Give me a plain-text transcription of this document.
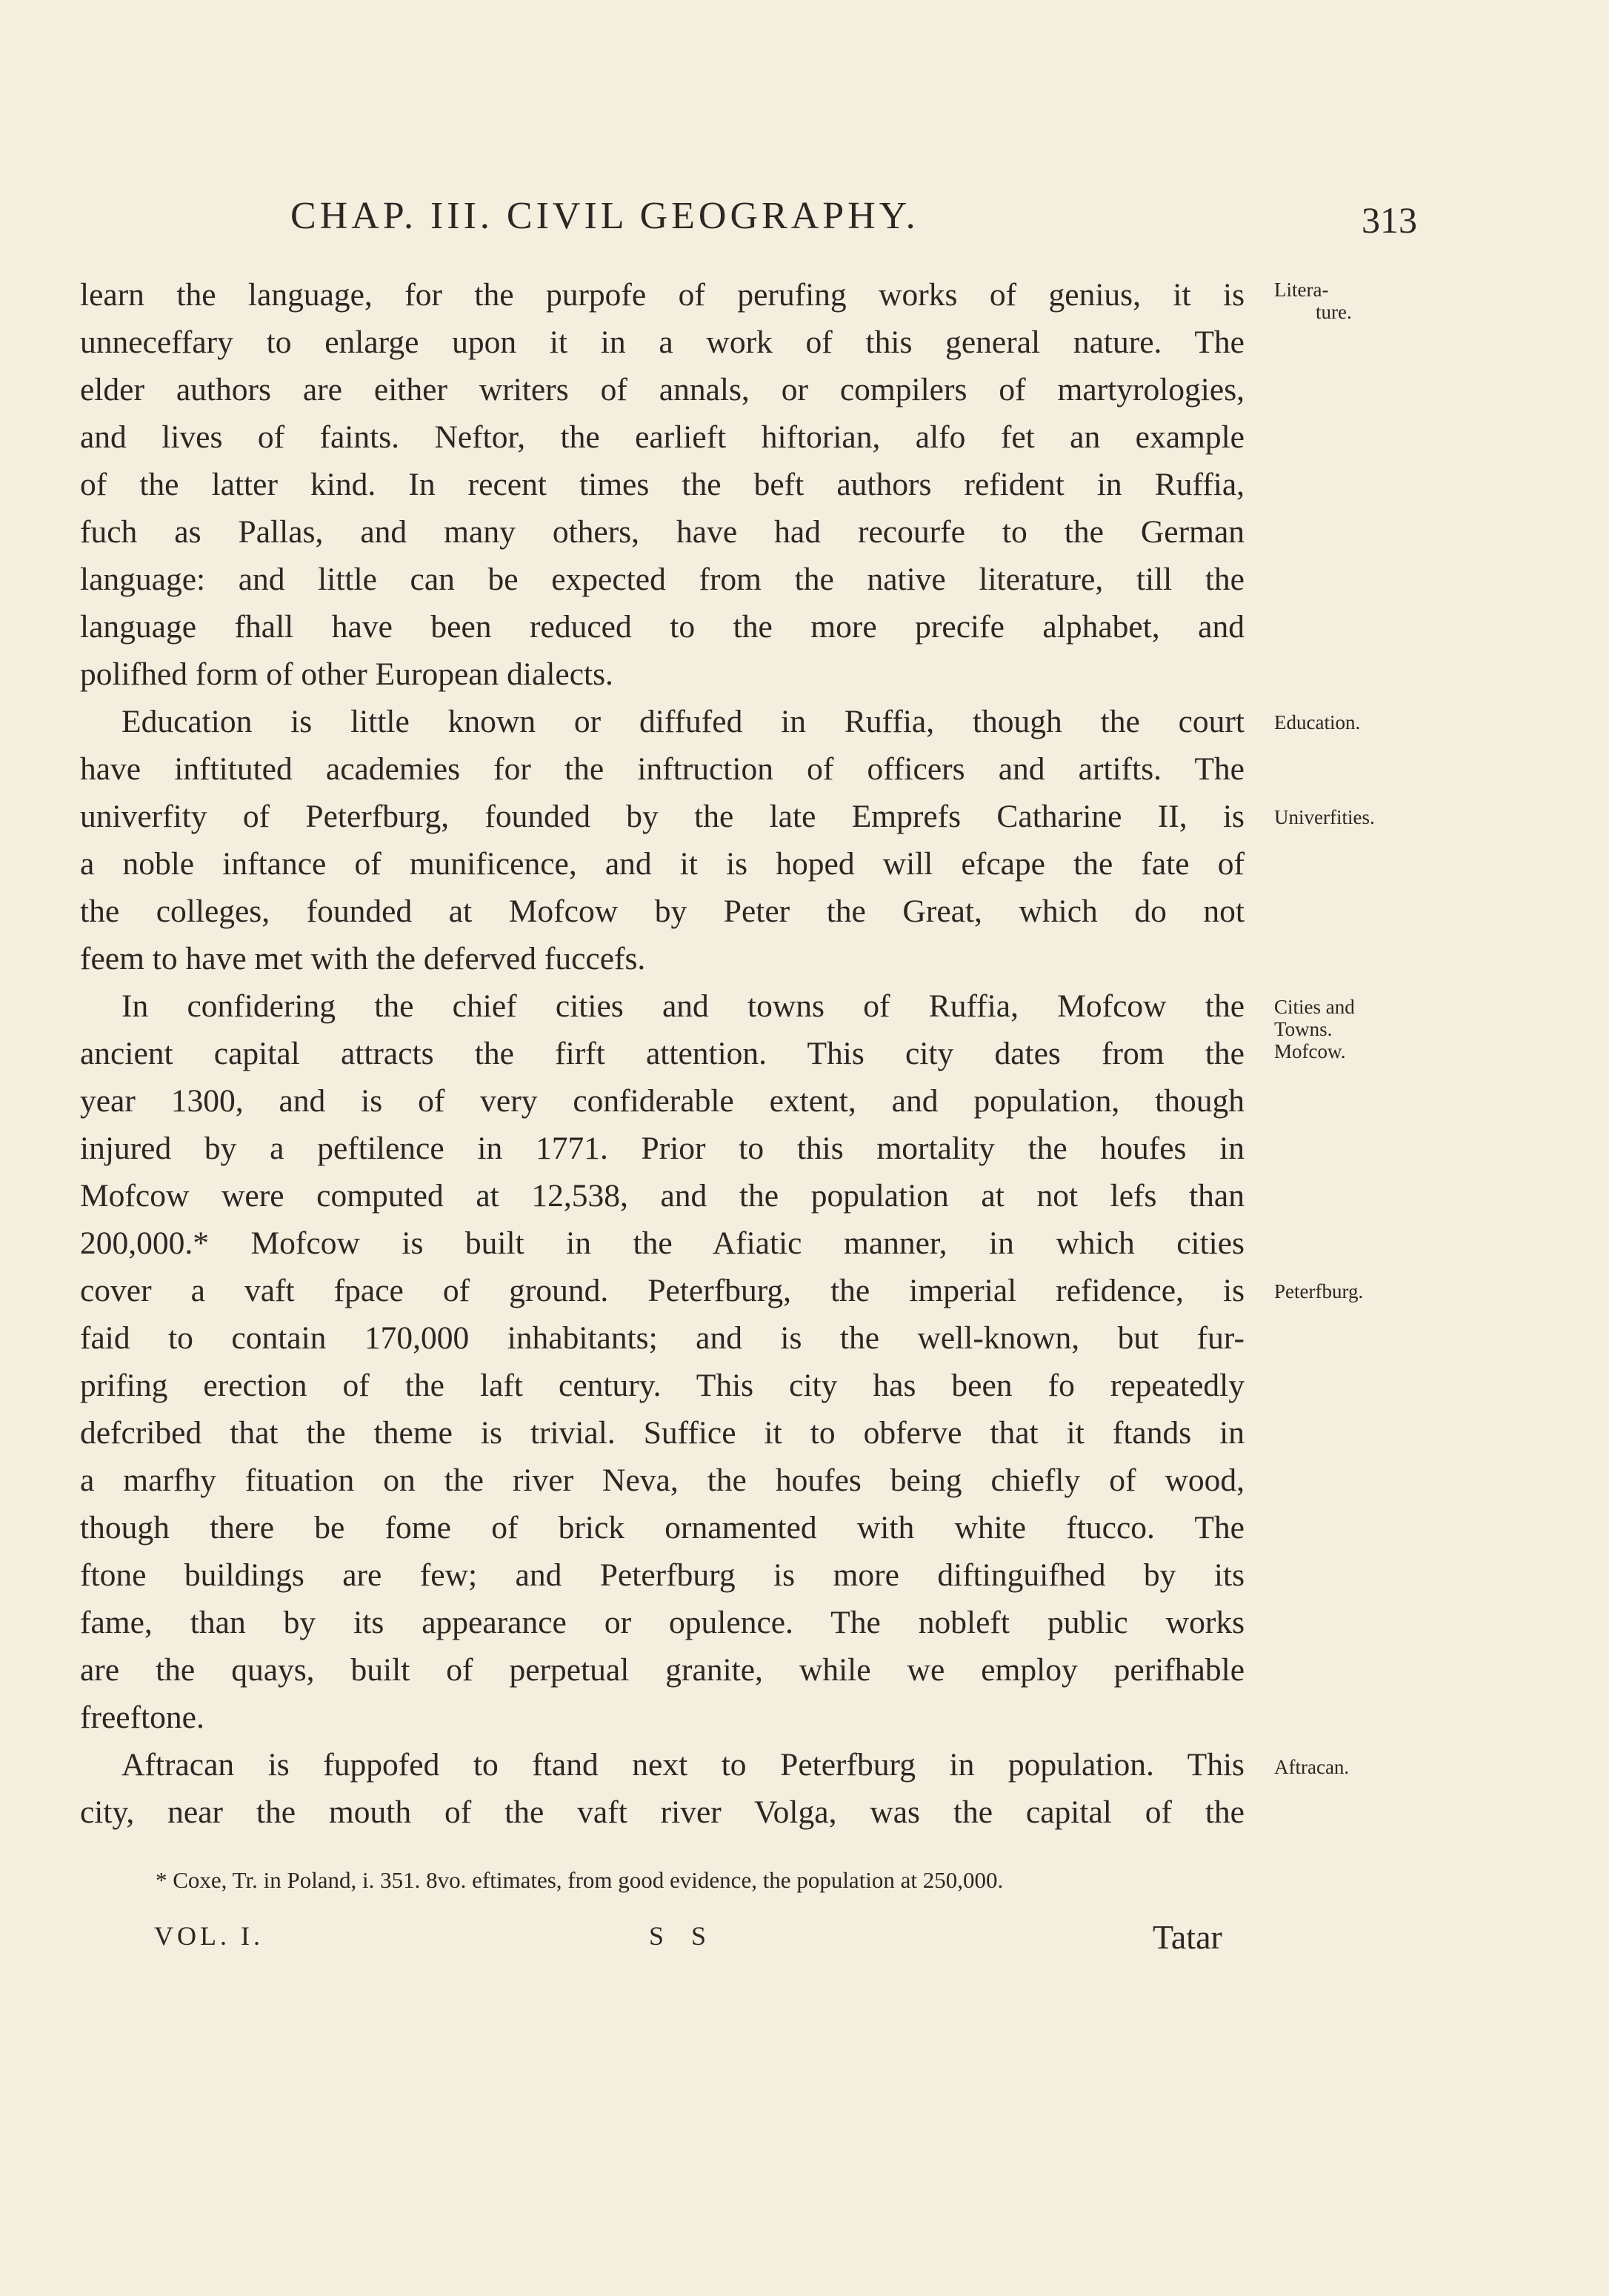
CHAP. III. CIVIL GEOGRAPHY.	313
learn the language, for the purpofe of perufing works of genius, it is
unneceffary to enlarge upon it in a work of this general nature. The
elder authors are either writers of annals, or compilers of martyrologies,
and lives of faints. Neftor, the earlieft hiftorian, alfo fet an example
of the latter kind. In recent times the beft authors refident in Ruffia,
fuch as Pallas, and many others, have had recourfe to the German
language: and little can be expected from the native literature, till the
language fhall have been reduced to the more precife alphabet, and
polifhed form of other European dialects.
Education is little known or diffufed in Ruffia, though the court
have inftituted academies for the inftruction of officers and artifts. The
univerfity of Peterfburg, founded by the late Emprefs Catharine II, is
a noble inftance of munificence, and it is hoped will efcape the fate of
the colleges, founded at Mofcow by Peter the Great, which do not
feem to have met with the deferved fuccefs.
In confidering the chief cities and towns of Ruffia, Mofcow the
ancient capital attracts the firft attention. This city dates from the
year 1300, and is of very confiderable extent, and population, though
injured by a peftilence in 1771. Prior to this mortality the houfes in
Mofcow were computed at 12,538, and the population at not lefs than
200,000.* Mofcow is built in the Afiatic manner, in which cities
cover a vaft fpace of ground. Peterfburg, the imperial refidence, is
faid to contain 170,000 inhabitants; and is the well-known, but fur-
prifing erection of the laft century. This city has been fo repeatedly
defcribed that the theme is trivial. Suffice it to obferve that it ftands in
a marfhy fituation on the river Neva, the houfes being chiefly of wood,
though there be fome of brick ornamented with white ftucco. The
ftone buildings are few; and Peterfburg is more diftinguifhed by its
fame, than by its appearance or opulence. The nobleft public works
are the quays, built of perpetual granite, while we employ perifhable
freeftone.
Aftracan is fuppofed to ftand next to Peterfburg in population. This
city, near the mouth of the vaft river Volga, was the capital of the
Litera-
ture.
Education.
Univerfities.
Cities and
Towns.
Mofcow.
Peterfburg.
Aftracan.
* Coxe, Tr. in Poland, i. 351. 8vo. eftimates, from good evidence, the population at 250,000.
VOL. I.	S S	Tatar
